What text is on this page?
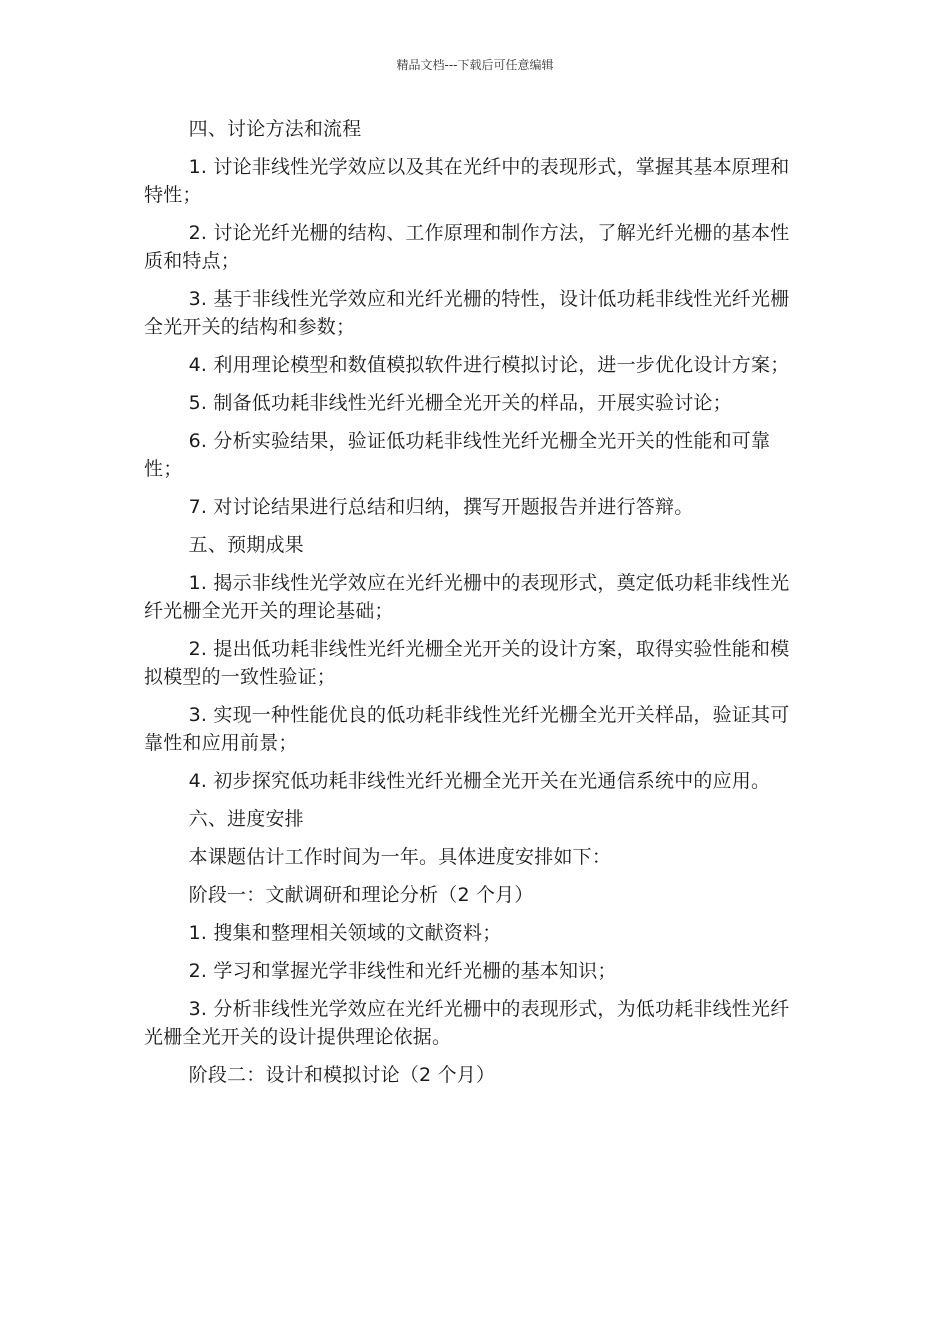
精品文档---下载后可任意编辑

四、讨论方法和流程

1. 讨论非线性光学效应以及其在光纤中的表现形式，掌握其基本原理和特性；

2. 讨论光纤光栅的结构、工作原理和制作方法，了解光纤光栅的基本性质和特点；

3. 基于非线性光学效应和光纤光栅的特性，设计低功耗非线性光纤光栅全光开关的结构和参数；

4. 利用理论模型和数值模拟软件进行模拟讨论，进一步优化设计方案；

5. 制备低功耗非线性光纤光栅全光开关的样品，开展实验讨论；

6. 分析实验结果，验证低功耗非线性光纤光栅全光开关的性能和可靠性；

7. 对讨论结果进行总结和归纳，撰写开题报告并进行答辩。

五、预期成果

1. 揭示非线性光学效应在光纤光栅中的表现形式，奠定低功耗非线性光纤光栅全光开关的理论基础；

2. 提出低功耗非线性光纤光栅全光开关的设计方案，取得实验性能和模拟模型的一致性验证；

3. 实现一种性能优良的低功耗非线性光纤光栅全光开关样品，验证其可靠性和应用前景；

4. 初步探究低功耗非线性光纤光栅全光开关在光通信系统中的应用。

六、进度安排

本课题估计工作时间为一年。具体进度安排如下：

阶段一：文献调研和理论分析（2 个月）

1. 搜集和整理相关领域的文献资料；

2. 学习和掌握光学非线性和光纤光栅的基本知识；

3. 分析非线性光学效应在光纤光栅中的表现形式，为低功耗非线性光纤光栅全光开关的设计提供理论依据。

阶段二：设计和模拟讨论（2 个月）
